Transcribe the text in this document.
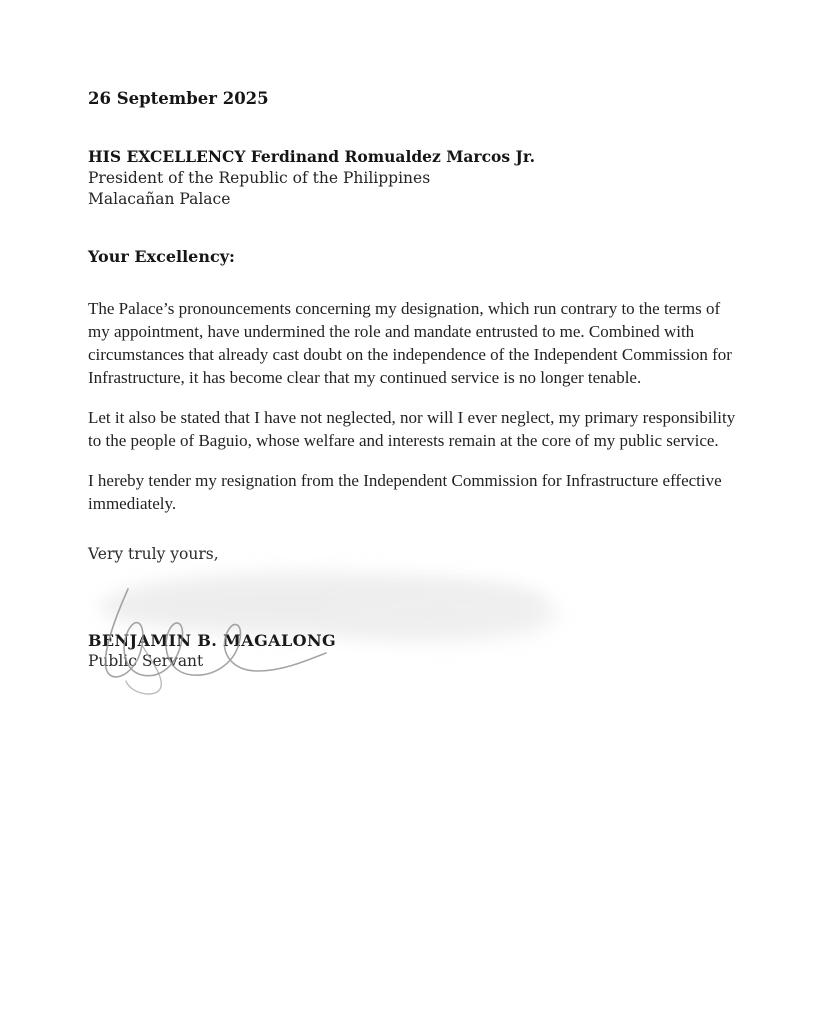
26 September 2025
HIS EXCELLENCY Ferdinand Romualdez Marcos Jr.
President of the Republic of the Philippines
Malacañan Palace
Your Excellency:

The Palace’s pronouncements concerning my designation, which run contrary to the terms of my appointment, have undermined the role and mandate entrusted to me. Combined with circumstances that already cast doubt on the independence of the Independent Commission for Infrastructure, it has become clear that my continued service is no longer tenable.

Let it also be stated that I have not neglected, nor will I ever neglect, my primary responsibility to the people of Baguio, whose welfare and interests remain at the core of my public service.

I hereby tender my resignation from the Independent Commission for Infrastructure effective immediately.

Very truly yours,
BENJAMIN B. MAGALONG
Public Servant
